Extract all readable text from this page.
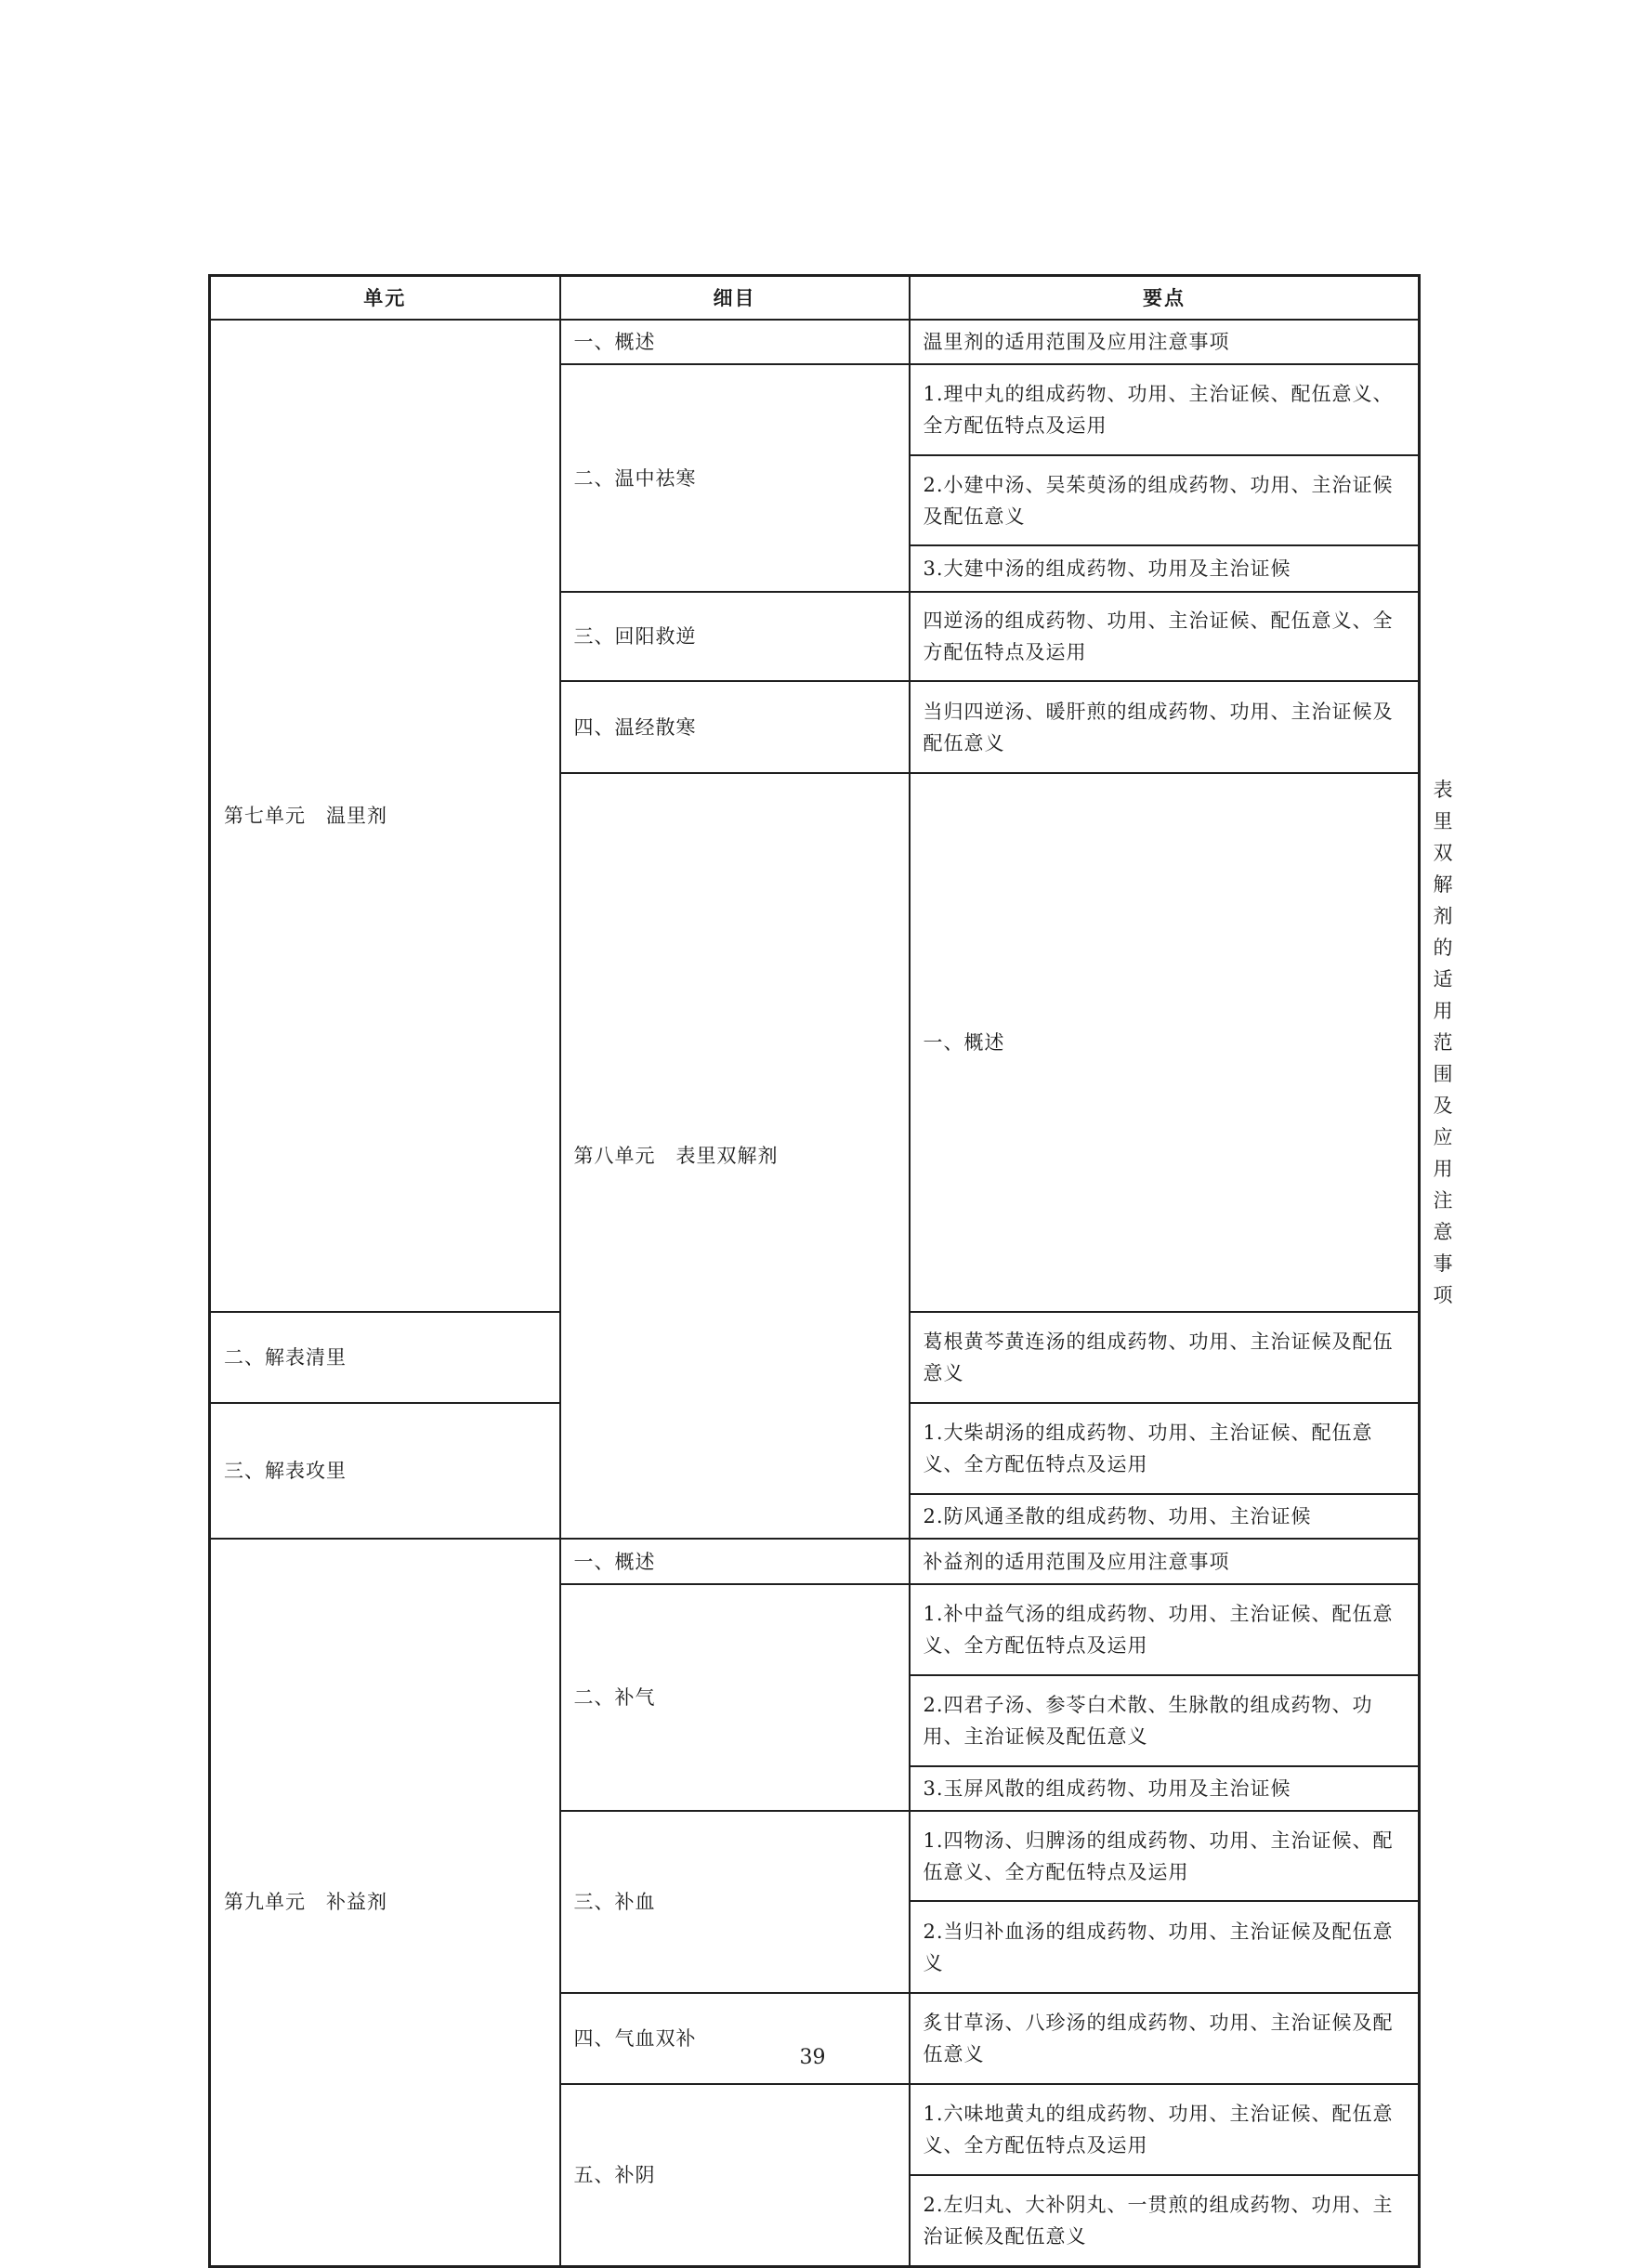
单元	细目	要点	
第七单元　温里剂	一、概述	温里剂的适用范围及应用注意事项	
	二、温中祛寒	1.理中丸的组成药物、功用、主治证候、配伍意义、全方配伍特点及运用	
		2.小建中汤、吴茱萸汤的组成药物、功用、主治证候及配伍意义	
		3.大建中汤的组成药物、功用及主治证候	
	三、回阳救逆	四逆汤的组成药物、功用、主治证候、配伍意义、全方配伍特点及运用	
	四、温经散寒	当归四逆汤、暖肝煎的组成药物、功用、主治证候及配伍意义	
	第八单元　表里双解剂	一、概述	表里双解剂的适用范围及应用注意事项
二、解表清里		葛根黄芩黄连汤的组成药物、功用、主治证候及配伍意义	
三、解表攻里		1.大柴胡汤的组成药物、功用、主治证候、配伍意义、全方配伍特点及运用	
		2.防风通圣散的组成药物、功用、主治证候	
第九单元　补益剂	一、概述	补益剂的适用范围及应用注意事项	
	二、补气	1.补中益气汤的组成药物、功用、主治证候、配伍意义、全方配伍特点及运用	
		2.四君子汤、参苓白术散、生脉散的组成药物、功用、主治证候及配伍意义	
		3.玉屏风散的组成药物、功用及主治证候	
	三、补血	1.四物汤、归脾汤的组成药物、功用、主治证候、配伍意义、全方配伍特点及运用	
		2.当归补血汤的组成药物、功用、主治证候及配伍意义	
	四、气血双补	炙甘草汤、八珍汤的组成药物、功用、主治证候及配伍意义	
	五、补阴	1.六味地黄丸的组成药物、功用、主治证候、配伍意义、全方配伍特点及运用	
		2.左归丸、大补阴丸、一贯煎的组成药物、功用、主治证候及配伍意义	
39
